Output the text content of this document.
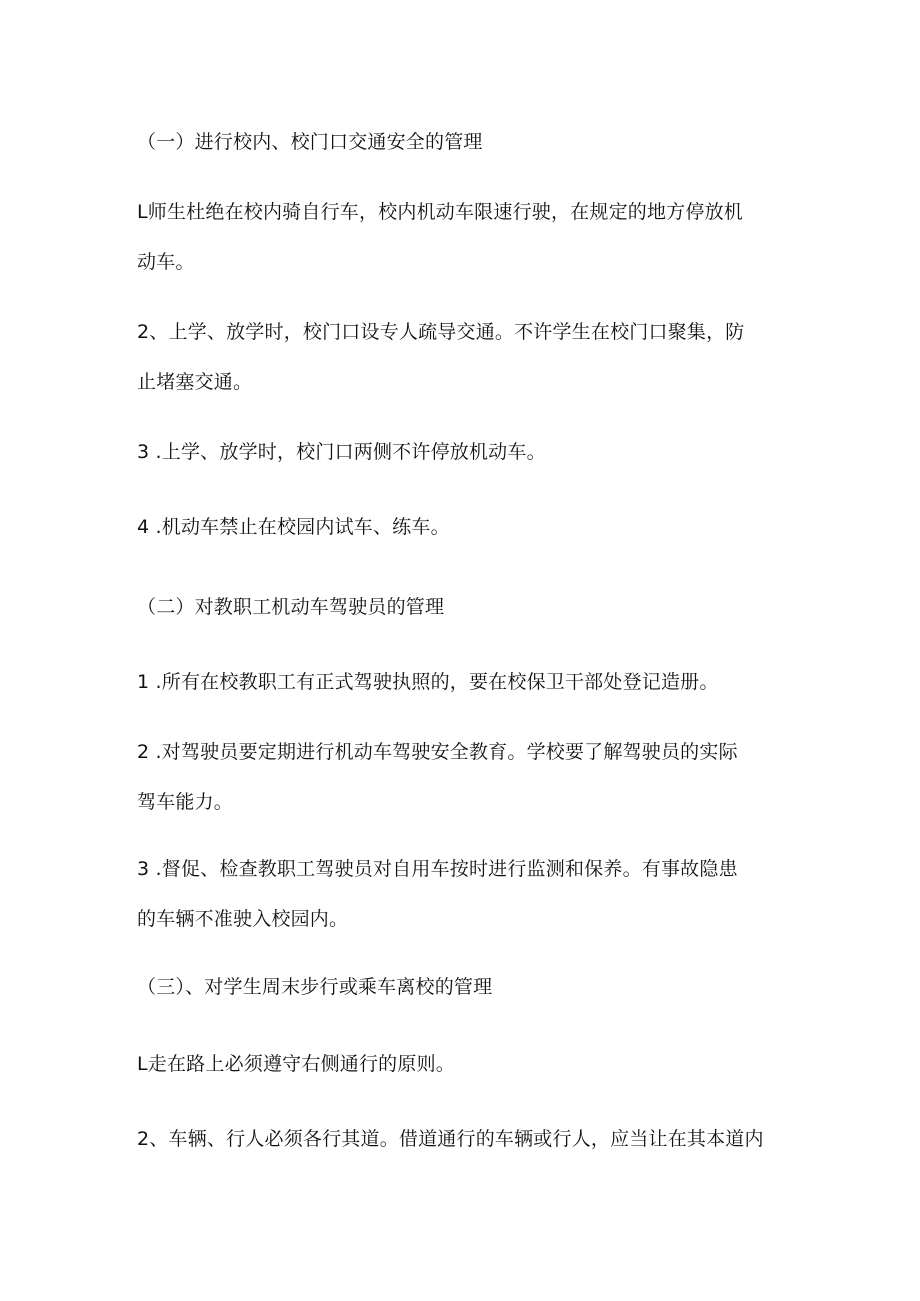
（一）进行校内、校门口交通安全的管理
L师生杜绝在校内骑自行车，校内机动车限速行驶，在规定的地方停放机
动车。
2、上学、放学时，校门口设专人疏导交通。不许学生在校门口聚集，防
止堵塞交通。
3 .上学、放学时，校门口两侧不许停放机动车。
4 .机动车禁止在校园内试车、练车。
（二）对教职工机动车驾驶员的管理
1 .所有在校教职工有正式驾驶执照的，要在校保卫干部处登记造册。
2 .对驾驶员要定期进行机动车驾驶安全教育。学校要了解驾驶员的实际
驾车能力。
3 .督促、检查教职工驾驶员对自用车按时进行监测和保养。有事故隐患
的车辆不准驶入校园内。
（三）、对学生周末步行或乘车离校的管理
L走在路上必须遵守右侧通行的原则。
2、车辆、行人必须各行其道。借道通行的车辆或行人，应当让在其本道内
